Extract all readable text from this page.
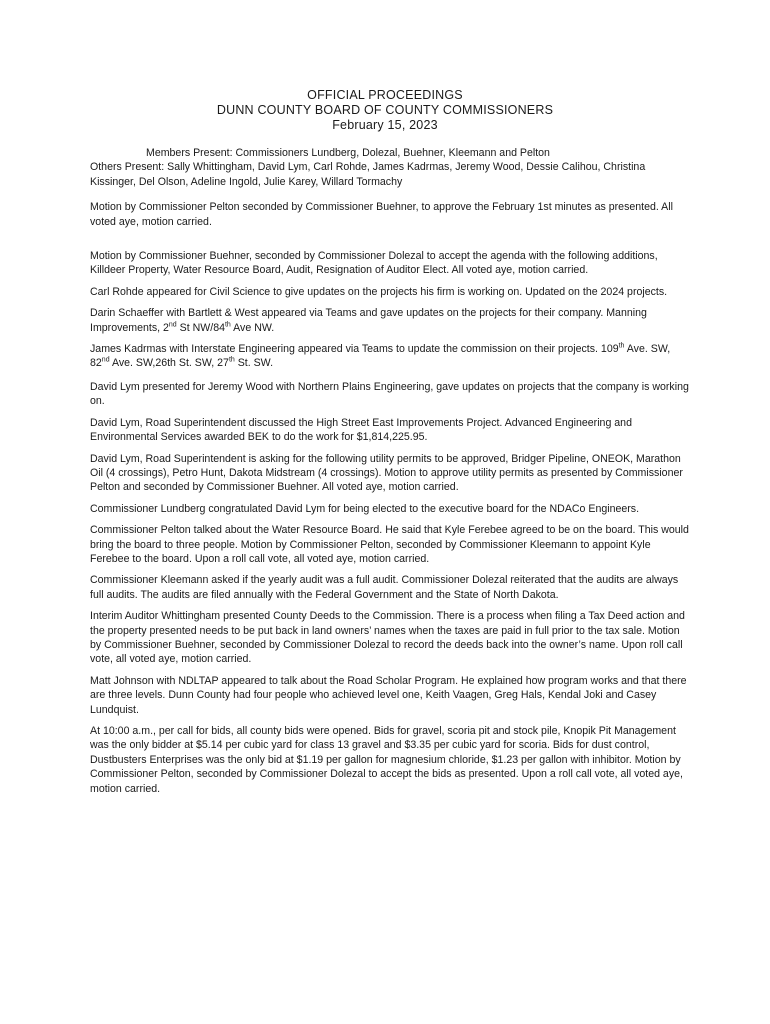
OFFICIAL PROCEEDINGS
DUNN COUNTY BOARD OF COUNTY COMMISSIONERS
February 15, 2023

Members Present: Commissioners Lundberg, Dolezal, Buehner, Kleemann and Pelton
Others Present: Sally Whittingham, David Lym, Carl Rohde, James Kadrmas, Jeremy Wood, Dessie Calihou, Christina Kissinger, Del Olson, Adeline Ingold, Julie Karey, Willard Tormachy

Motion by Commissioner Pelton seconded by Commissioner Buehner, to approve the February 1st minutes as presented. All voted aye, motion carried.

Motion by Commissioner Buehner, seconded by Commissioner Dolezal to accept the agenda with the following additions, Killdeer Property, Water Resource Board, Audit, Resignation of Auditor Elect. All voted aye, motion carried.

Carl Rohde appeared for Civil Science to give updates on the projects his firm is working on. Updated on the 2024 projects.

Darin Schaeffer with Bartlett & West appeared via Teams and gave updates on the projects for their company. Manning Improvements, 2nd St NW/84th Ave NW.

James Kadrmas with Interstate Engineering appeared via Teams to update the commission on their projects. 109th Ave. SW, 82nd Ave. SW,26th St. SW, 27th St. SW.

David Lym presented for Jeremy Wood with Northern Plains Engineering, gave updates on projects that the company is working on.

David Lym, Road Superintendent discussed the High Street East Improvements Project. Advanced Engineering and Environmental Services awarded BEK to do the work for $1,814,225.95.

David Lym, Road Superintendent is asking for the following utility permits to be approved, Bridger Pipeline, ONEOK, Marathon Oil (4 crossings), Petro Hunt, Dakota Midstream (4 crossings). Motion to approve utility permits as presented by Commissioner Pelton and seconded by Commissioner Buehner. All voted aye, motion carried.

Commissioner Lundberg congratulated David Lym for being elected to the executive board for the NDACo Engineers.

Commissioner Pelton talked about the Water Resource Board. He said that Kyle Ferebee agreed to be on the board. This would bring the board to three people. Motion by Commissioner Pelton, seconded by Commissioner Kleemann to appoint Kyle Ferebee to the board. Upon a roll call vote, all voted aye, motion carried.

Commissioner Kleemann asked if the yearly audit was a full audit. Commissioner Dolezal reiterated that the audits are always full audits. The audits are filed annually with the Federal Government and the State of North Dakota.

Interim Auditor Whittingham presented County Deeds to the Commission. There is a process when filing a Tax Deed action and the property presented needs to be put back in land owners’ names when the taxes are paid in full prior to the tax sale. Motion by Commissioner Buehner, seconded by Commissioner Dolezal to record the deeds back into the owner’s name. Upon roll call vote, all voted aye, motion carried.

Matt Johnson with NDLTAP appeared to talk about the Road Scholar Program. He explained how program works and that there are three levels. Dunn County had four people who achieved level one, Keith Vaagen, Greg Hals, Kendal Joki and Casey Lundquist.

At 10:00 a.m., per call for bids, all county bids were opened. Bids for gravel, scoria pit and stock pile, Knopik Pit Management was the only bidder at $5.14 per cubic yard for class 13 gravel and $3.35 per cubic yard for scoria. Bids for dust control, Dustbusters Enterprises was the only bid at $1.19 per gallon for magnesium chloride, $1.23 per gallon with inhibitor. Motion by Commissioner Pelton, seconded by Commissioner Dolezal to accept the bids as presented. Upon a roll call vote, all voted aye, motion carried.
